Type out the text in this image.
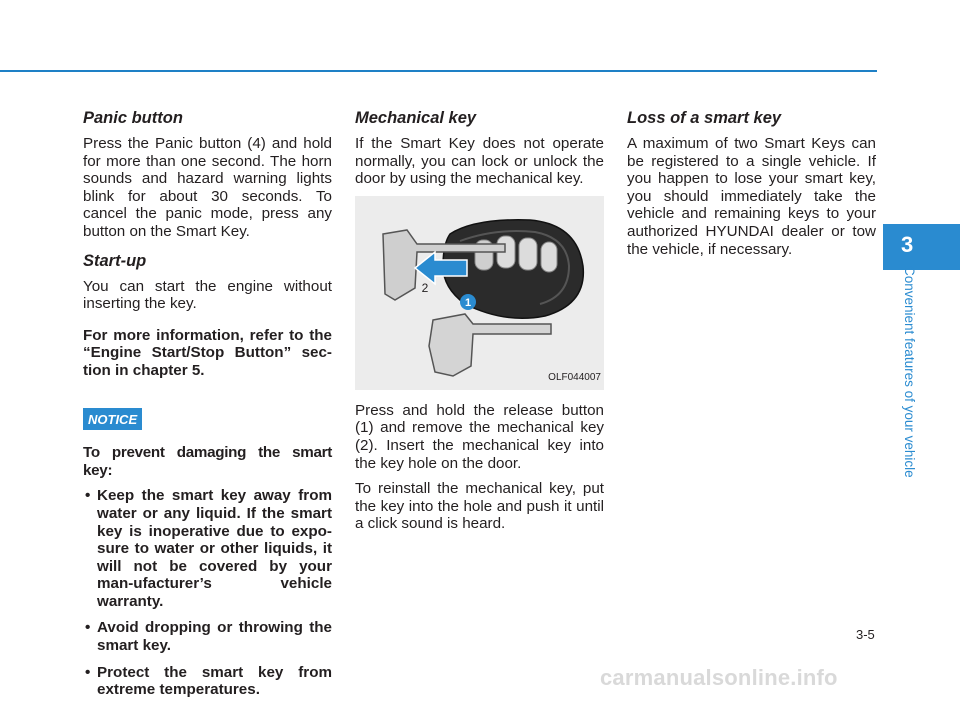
Panic button

Press the Panic button (4) and hold for more than one second. The horn sounds and hazard warning lights blink for about 30 seconds. To cancel the panic mode, press any button on the Smart Key.

Start-up

You can start the engine without inserting the key.

For more information, refer to the “Engine Start/Stop Button” sec-tion in chapter 5.

NOTICE

To prevent damaging the smart key:

• Keep the smart key away from water or any liquid. If the smart key is inoperative due to expo-sure to water or other liquids, it will not be covered by your man-ufacturer’s vehicle warranty.
• Avoid dropping or throwing the smart key.
• Protect the smart key from extreme temperatures.
Mechanical key

If the Smart Key does not operate normally, you can lock or unlock the door by using the mechanical key.

1
2
OLF044007

Press and hold the release button (1) and remove the mechanical key (2). Insert the mechanical key into the key hole on the door.

To reinstall the mechanical key, put the key into the hole and push it until a click sound is heard.

Loss of a smart key

A maximum of two Smart Keys can be registered to a single vehicle. If you happen to lose your smart key, you should immediately take the vehicle and remaining keys to your authorized HYUNDAI dealer or tow the vehicle, if necessary.	3
Convenient features of your vehicle
3-5
carmanualsonline.info
